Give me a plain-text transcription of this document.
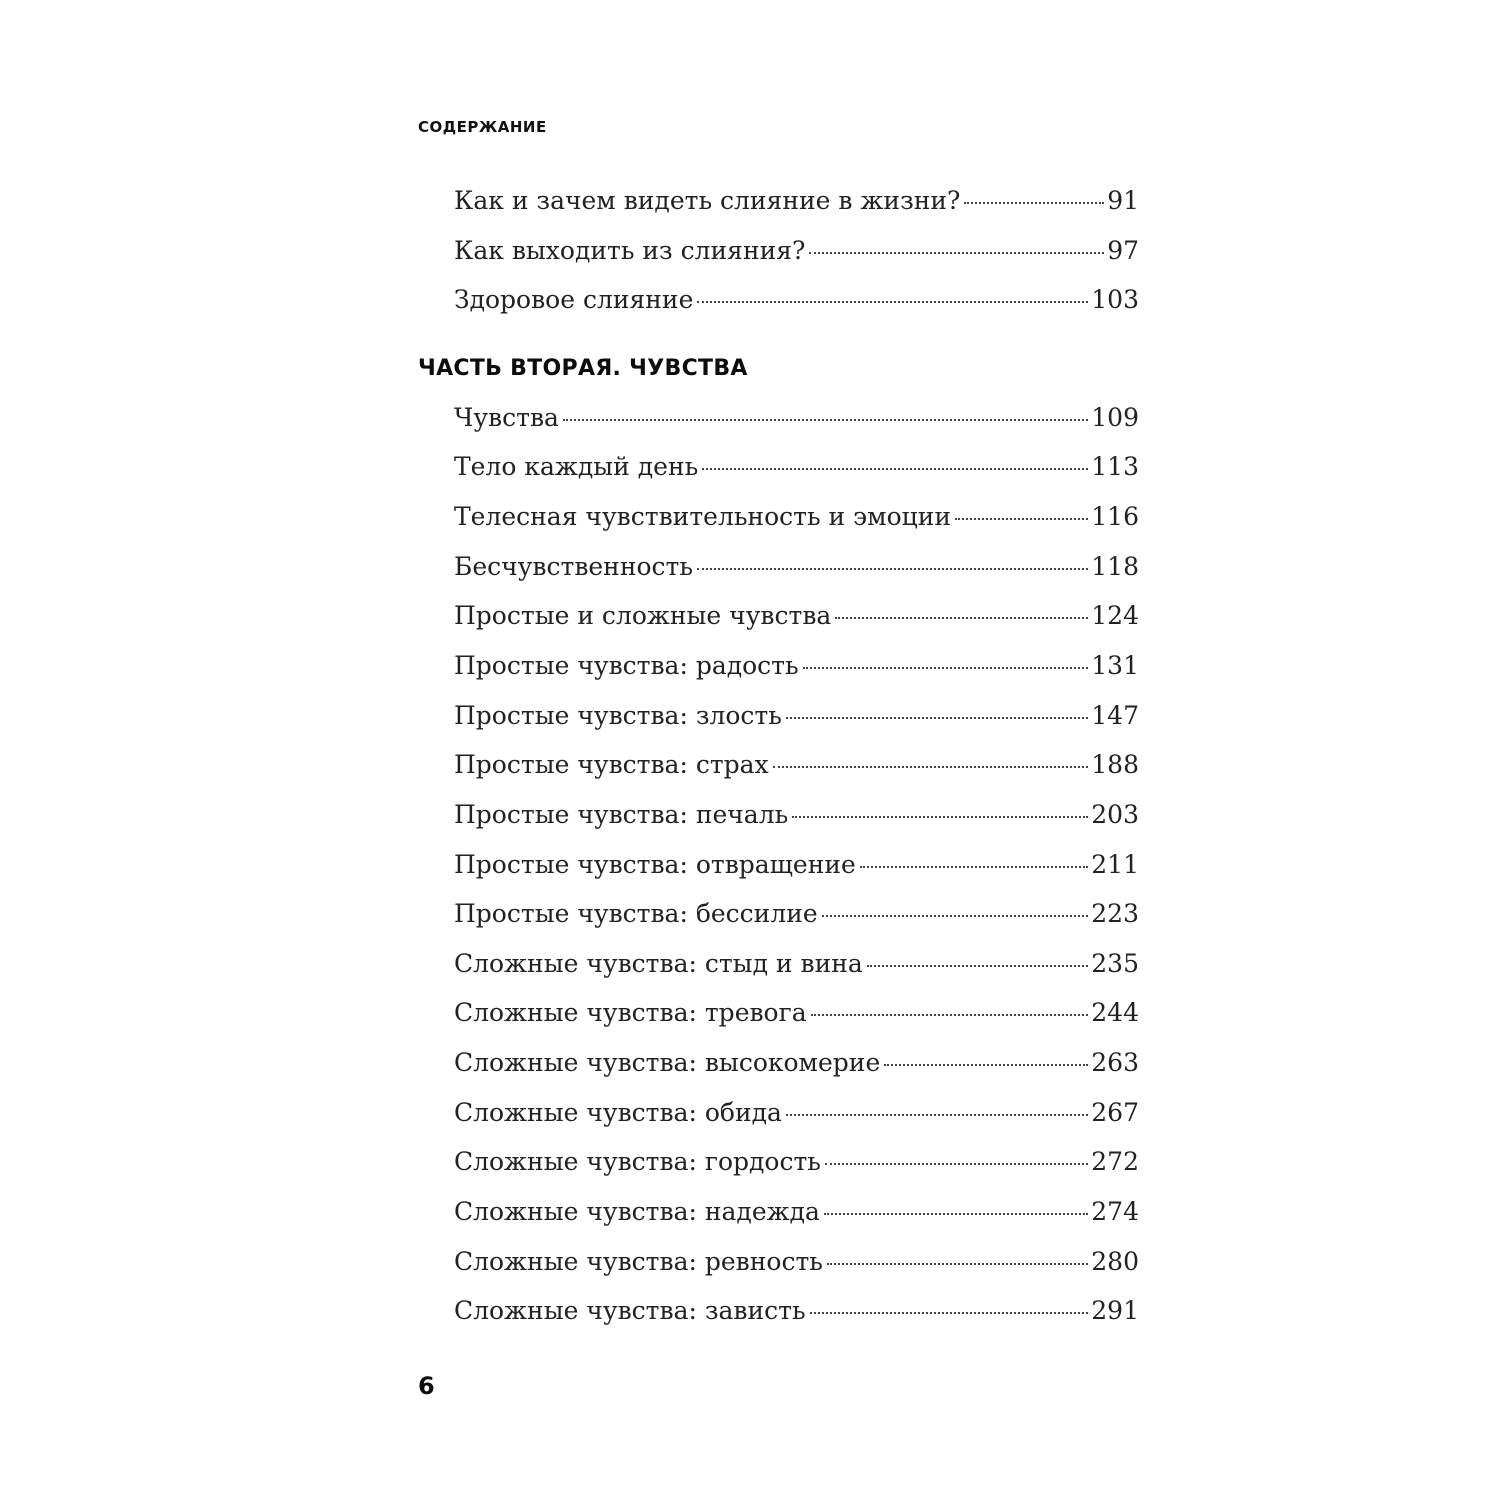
СОДЕРЖАНИЕ
Как и зачем видеть слияние в жизни?	91
Как выходить из слияния?	97
Здоровое слияние	103
ЧАСТЬ ВТОРАЯ. ЧУВСТВА
Чувства	109
Тело каждый день	113
Телесная чувствительность и эмоции	116
Бесчувственность	118
Простые и сложные чувства	124
Простые чувства: радость	131
Простые чувства: злость	147
Простые чувства: страх	188
Простые чувства: печаль	203
Простые чувства: отвращение	211
Простые чувства: бессилие	223
Сложные чувства: стыд и вина	235
Сложные чувства: тревога	244
Сложные чувства: высокомерие	263
Сложные чувства: обида	267
Сложные чувства: гордость	272
Сложные чувства: надежда	274
Сложные чувства: ревность	280
Сложные чувства: зависть	291
6
